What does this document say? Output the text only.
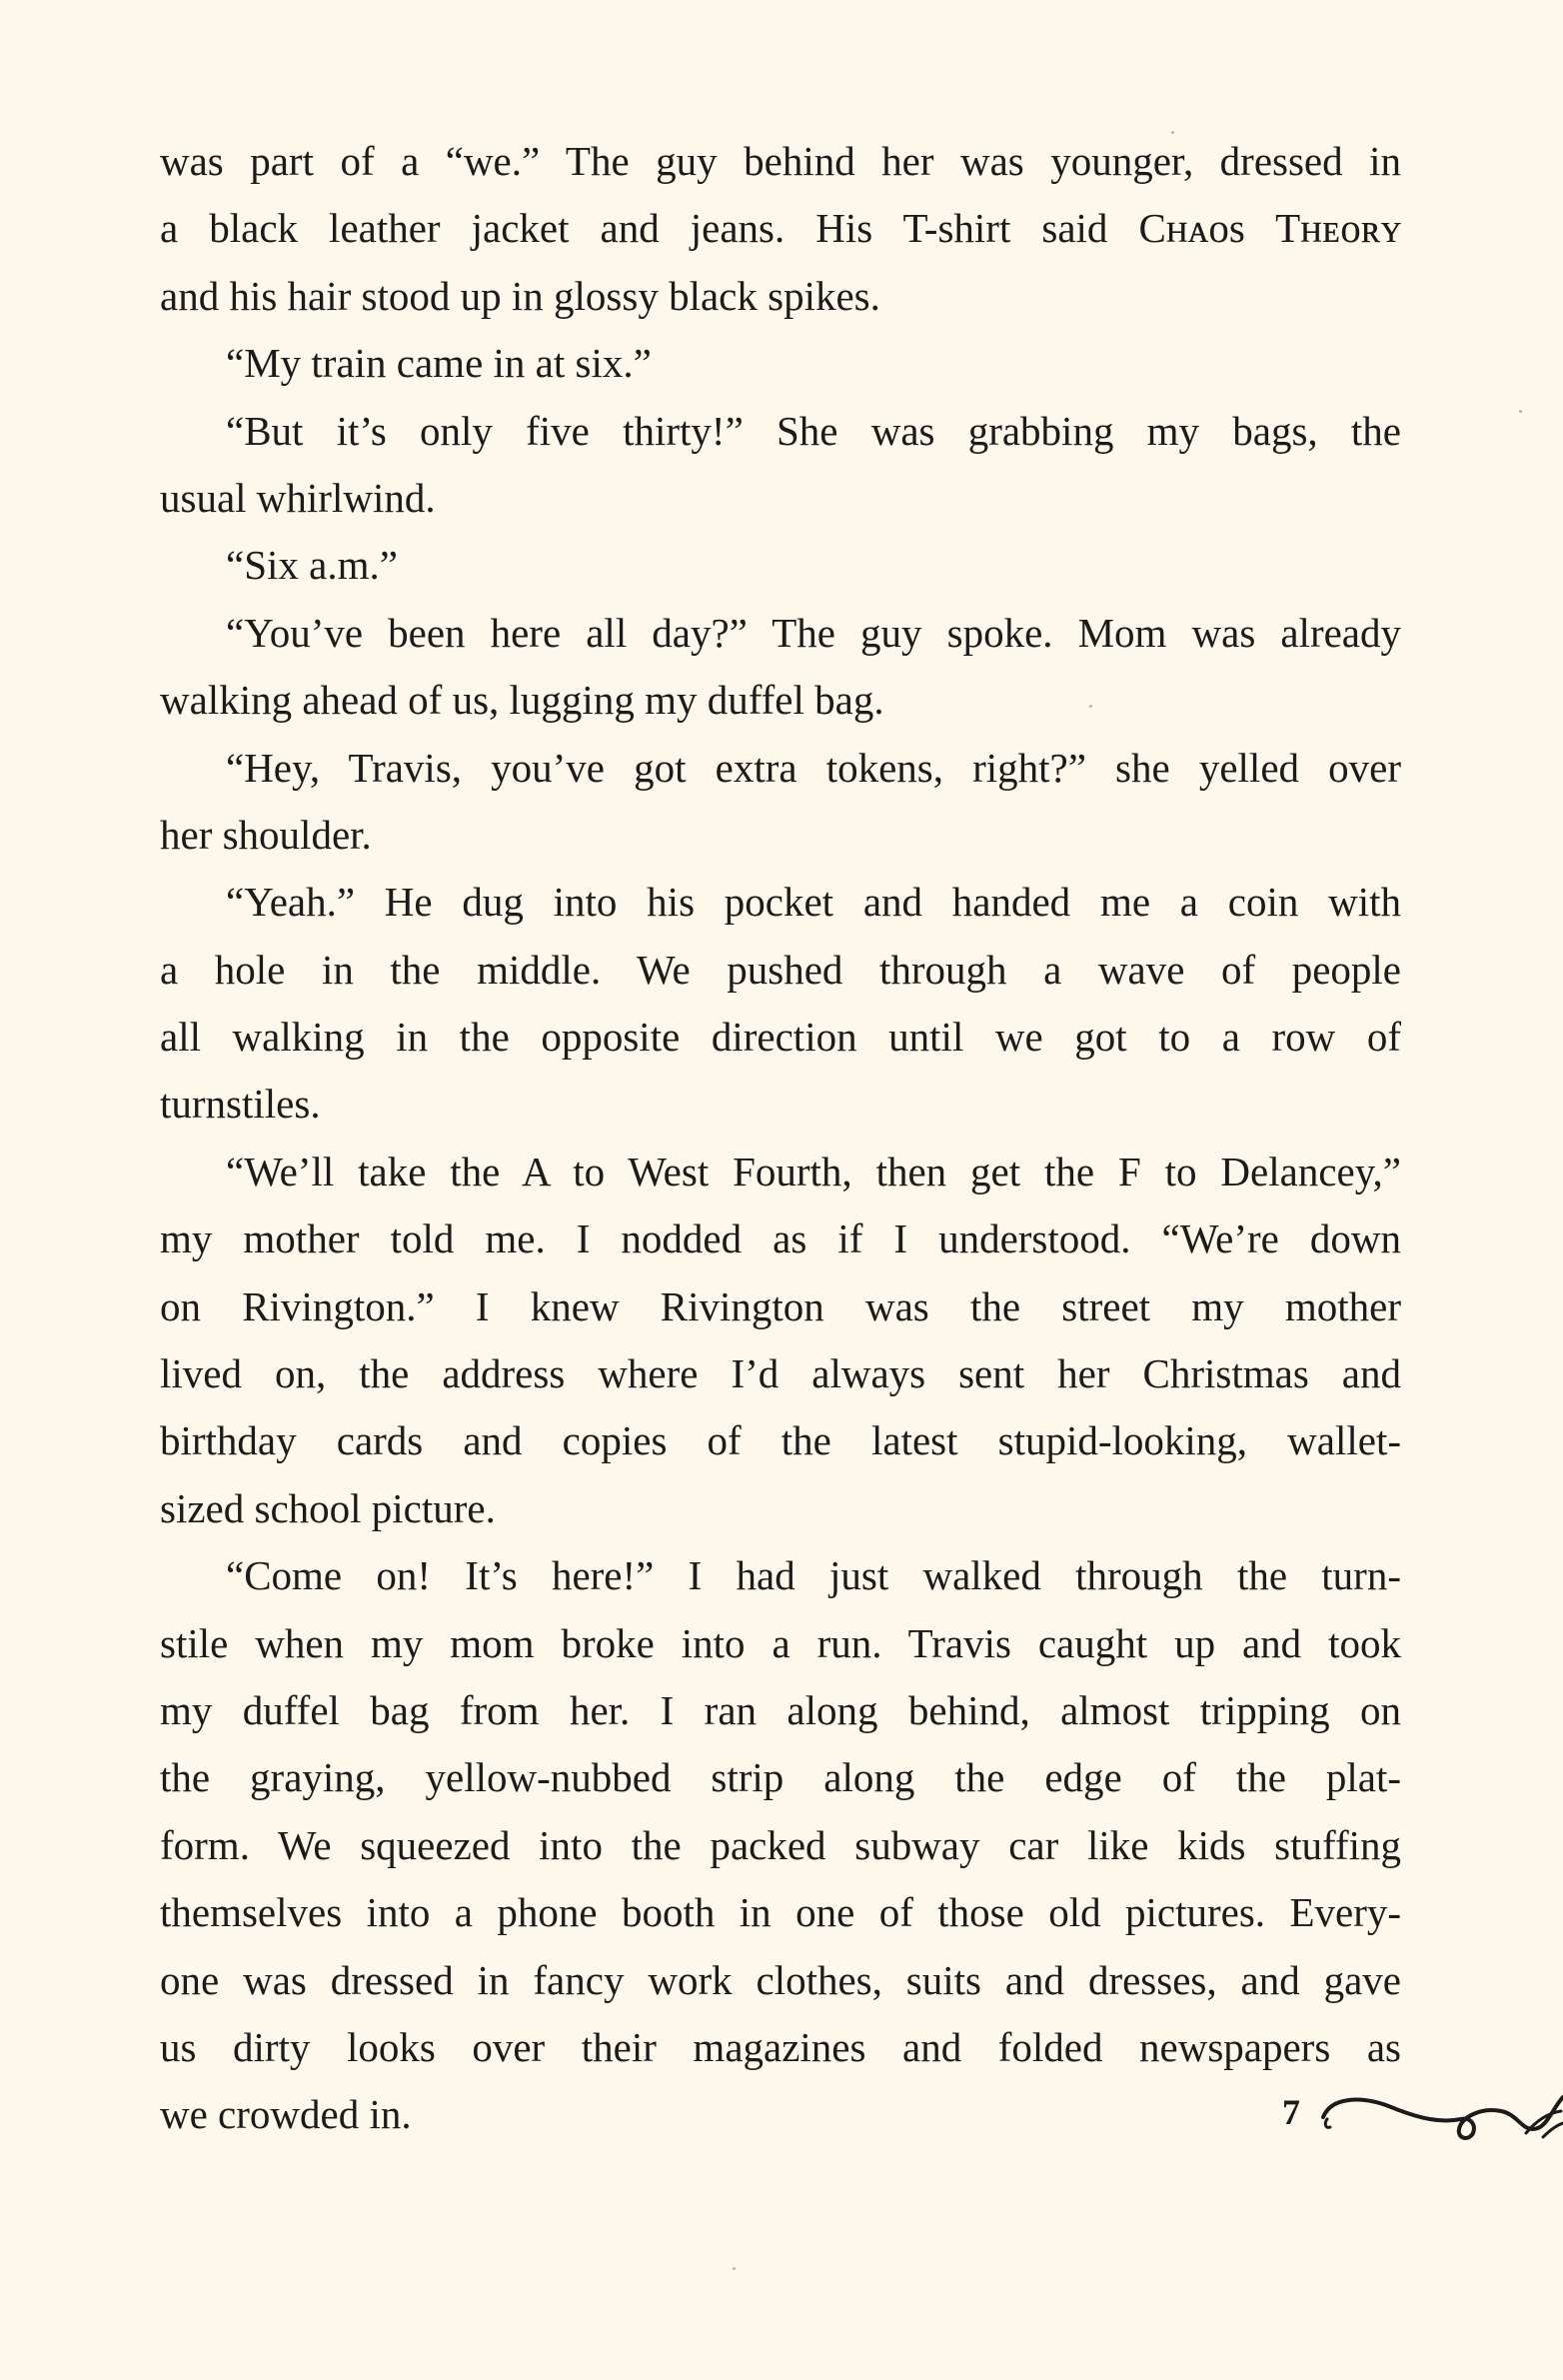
was part of a “we.” The guy behind her was younger, dressed in
a black leather jacket and jeans. His T-shirt said Cʜᴀᴏs Tʜᴇᴏʀʏ
and his hair stood up in glossy black spikes.
“My train came in at six.”
“But it’s only five thirty!” She was grabbing my bags, the
usual whirlwind.
“Six a.m.”
“You’ve been here all day?” The guy spoke. Mom was already
walking ahead of us, lugging my duffel bag.
“Hey, Travis, you’ve got extra tokens, right?” she yelled over
her shoulder.
“Yeah.” He dug into his pocket and handed me a coin with
a hole in the middle. We pushed through a wave of people
all walking in the opposite direction until we got to a row of
turnstiles.
“We’ll take the A to West Fourth, then get the F to Delancey,”
my mother told me. I nodded as if I understood. “We’re down
on Rivington.” I knew Rivington was the street my mother
lived on, the address where I’d always sent her Christmas and
birthday cards and copies of the latest stupid-looking, wallet-
sized school picture.
“Come on! It’s here!” I had just walked through the turn-
stile when my mom broke into a run. Travis caught up and took
my duffel bag from her. I ran along behind, almost tripping on
the graying, yellow-nubbed strip along the edge of the plat-
form. We squeezed into the packed subway car like kids stuffing
themselves into a phone booth in one of those old pictures. Every-
one was dressed in fancy work clothes, suits and dresses, and gave
us dirty looks over their magazines and folded newspapers as
we crowded in.	7
